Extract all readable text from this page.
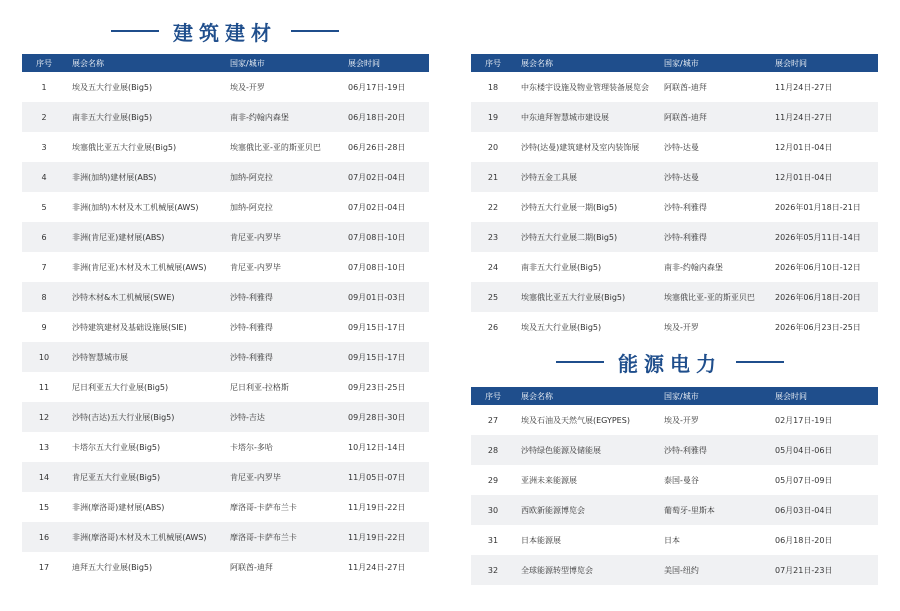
建筑建材
序号	展会名称	国家/城市	展会时间
1	埃及五大行业展(Big5)	埃及-开罗	06月17日-19日
2	南非五大行业展(Big5)	南非-约翰内森堡	06月18日-20日
3	埃塞俄比亚五大行业展(Big5)	埃塞俄比亚-亚的斯亚贝巴	06月26日-28日
4	非洲(加纳)建材展(ABS)	加纳-阿克拉	07月02日-04日
5	非洲(加纳)木材及木工机械展(AWS)	加纳-阿克拉	07月02日-04日
6	非洲(肯尼亚)建材展(ABS)	肯尼亚-内罗毕	07月08日-10日
7	非洲(肯尼亚)木材及木工机械展(AWS)	肯尼亚-内罗毕	07月08日-10日
8	沙特木材&木工机械展(SWE)	沙特-利雅得	09月01日-03日
9	沙特建筑建材及基础设施展(SIE)	沙特-利雅得	09月15日-17日
10	沙特智慧城市展	沙特-利雅得	09月15日-17日
11	尼日利亚五大行业展(Big5)	尼日利亚-拉格斯	09月23日-25日
12	沙特(吉达)五大行业展(Big5)	沙特-吉达	09月28日-30日
13	卡塔尔五大行业展(Big5)	卡塔尔-多哈	10月12日-14日
14	肯尼亚五大行业展(Big5)	肯尼亚-内罗毕	11月05日-07日
15	非洲(摩洛哥)建材展(ABS)	摩洛哥-卡萨布兰卡	11月19日-22日
16	非洲(摩洛哥)木材及木工机械展(AWS)	摩洛哥-卡萨布兰卡	11月19日-22日
17	迪拜五大行业展(Big5)	阿联酋-迪拜	11月24日-27日
序号	展会名称	国家/城市	展会时间
18	中东楼宇设施及物业管理装备展览会	阿联酋-迪拜	11月24日-27日
19	中东迪拜智慧城市建设展	阿联酋-迪拜	11月24日-27日
20	沙特(达曼)建筑建材及室内装饰展	沙特-达曼	12月01日-04日
21	沙特五金工具展	沙特-达曼	12月01日-04日
22	沙特五大行业展一期(Big5)	沙特-利雅得	2026年01月18日-21日
23	沙特五大行业展二期(Big5)	沙特-利雅得	2026年05月11日-14日
24	南非五大行业展(Big5)	南非-约翰内森堡	2026年06月10日-12日
25	埃塞俄比亚五大行业展(Big5)	埃塞俄比亚-亚的斯亚贝巴	2026年06月18日-20日
26	埃及五大行业展(Big5)	埃及-开罗	2026年06月23日-25日
能源电力
序号	展会名称	国家/城市	展会时间
27	埃及石油及天然气展(EGYPES)	埃及-开罗	02月17日-19日
28	沙特绿色能源及储能展	沙特-利雅得	05月04日-06日
29	亚洲未来能源展	泰国-曼谷	05月07日-09日
30	西欧新能源博览会	葡萄牙-里斯本	06月03日-04日
31	日本能源展	日本	06月18日-20日
32	全球能源转型博览会	美国-纽约	07月21日-23日
